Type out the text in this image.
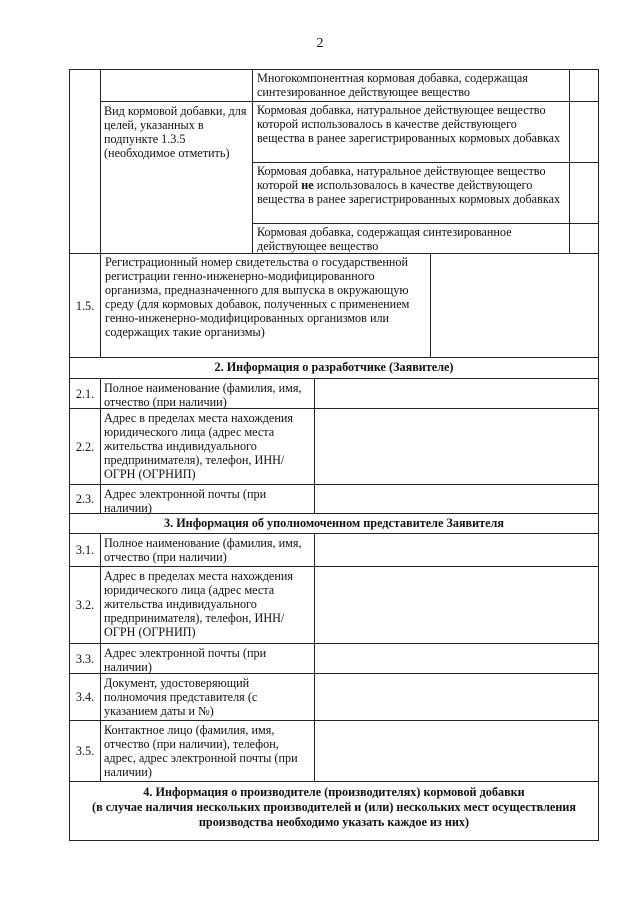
2
Вид кормовой добавки, для целей, указанных в подпункте 1.3.5 (необходимое отметить)
Многокомпонентная кормовая добавка, содержащая синтезированное действующее вещество
Кормовая добавка, натуральное действующее вещество которой использовалось в качестве действующего вещества в ранее зарегистрированных кормовых добавках
Кормовая добавка, натуральное действующее вещество которой не использовалось в качестве действующего вещества в ранее зарегистрированных кормовых добавках
Кормовая добавка, содержащая синтезированное действующее вещество
1.5.
Регистрационный номер свидетельства о государственной регистрации генно-инженерно-модифицированного организма, предназначенного для выпуска в окружающую среду (для кормовых добавок, полученных с применением генно-инженерно-модифицированных организмов или содержащих такие организмы)
2. Информация о разработчике (Заявителе)
2.1. Полное наименование (фамилия, имя, отчество (при наличии)
2.2.
Адрес в пределах места нахождения юридического лица (адрес места жительства индивидуального предпринимателя), телефон, ИНН/ОГРН (ОГРНИП)
2.3. Адрес электронной почты (при наличии)
3. Информация об уполномоченном представителе Заявителя
3.1. Полное наименование (фамилия, имя, отчество (при наличии)
3.2.
Адрес в пределах места нахождения юридического лица (адрес места жительства индивидуального предпринимателя), телефон, ИНН/ОГРН (ОГРНИП)
3.3. Адрес электронной почты (при наличии)
3.4.
Документ, удостоверяющий полномочия представителя (с указанием даты и №)
3.5.
Контактное лицо (фамилия, имя, отчество (при наличии), телефон, адрес, адрес электронной почты (при наличии)
4. Информация о производителе (производителях) кормовой добавки
(в случае наличия нескольких производителей и (или) нескольких мест осуществления производства необходимо указать каждое из них)
